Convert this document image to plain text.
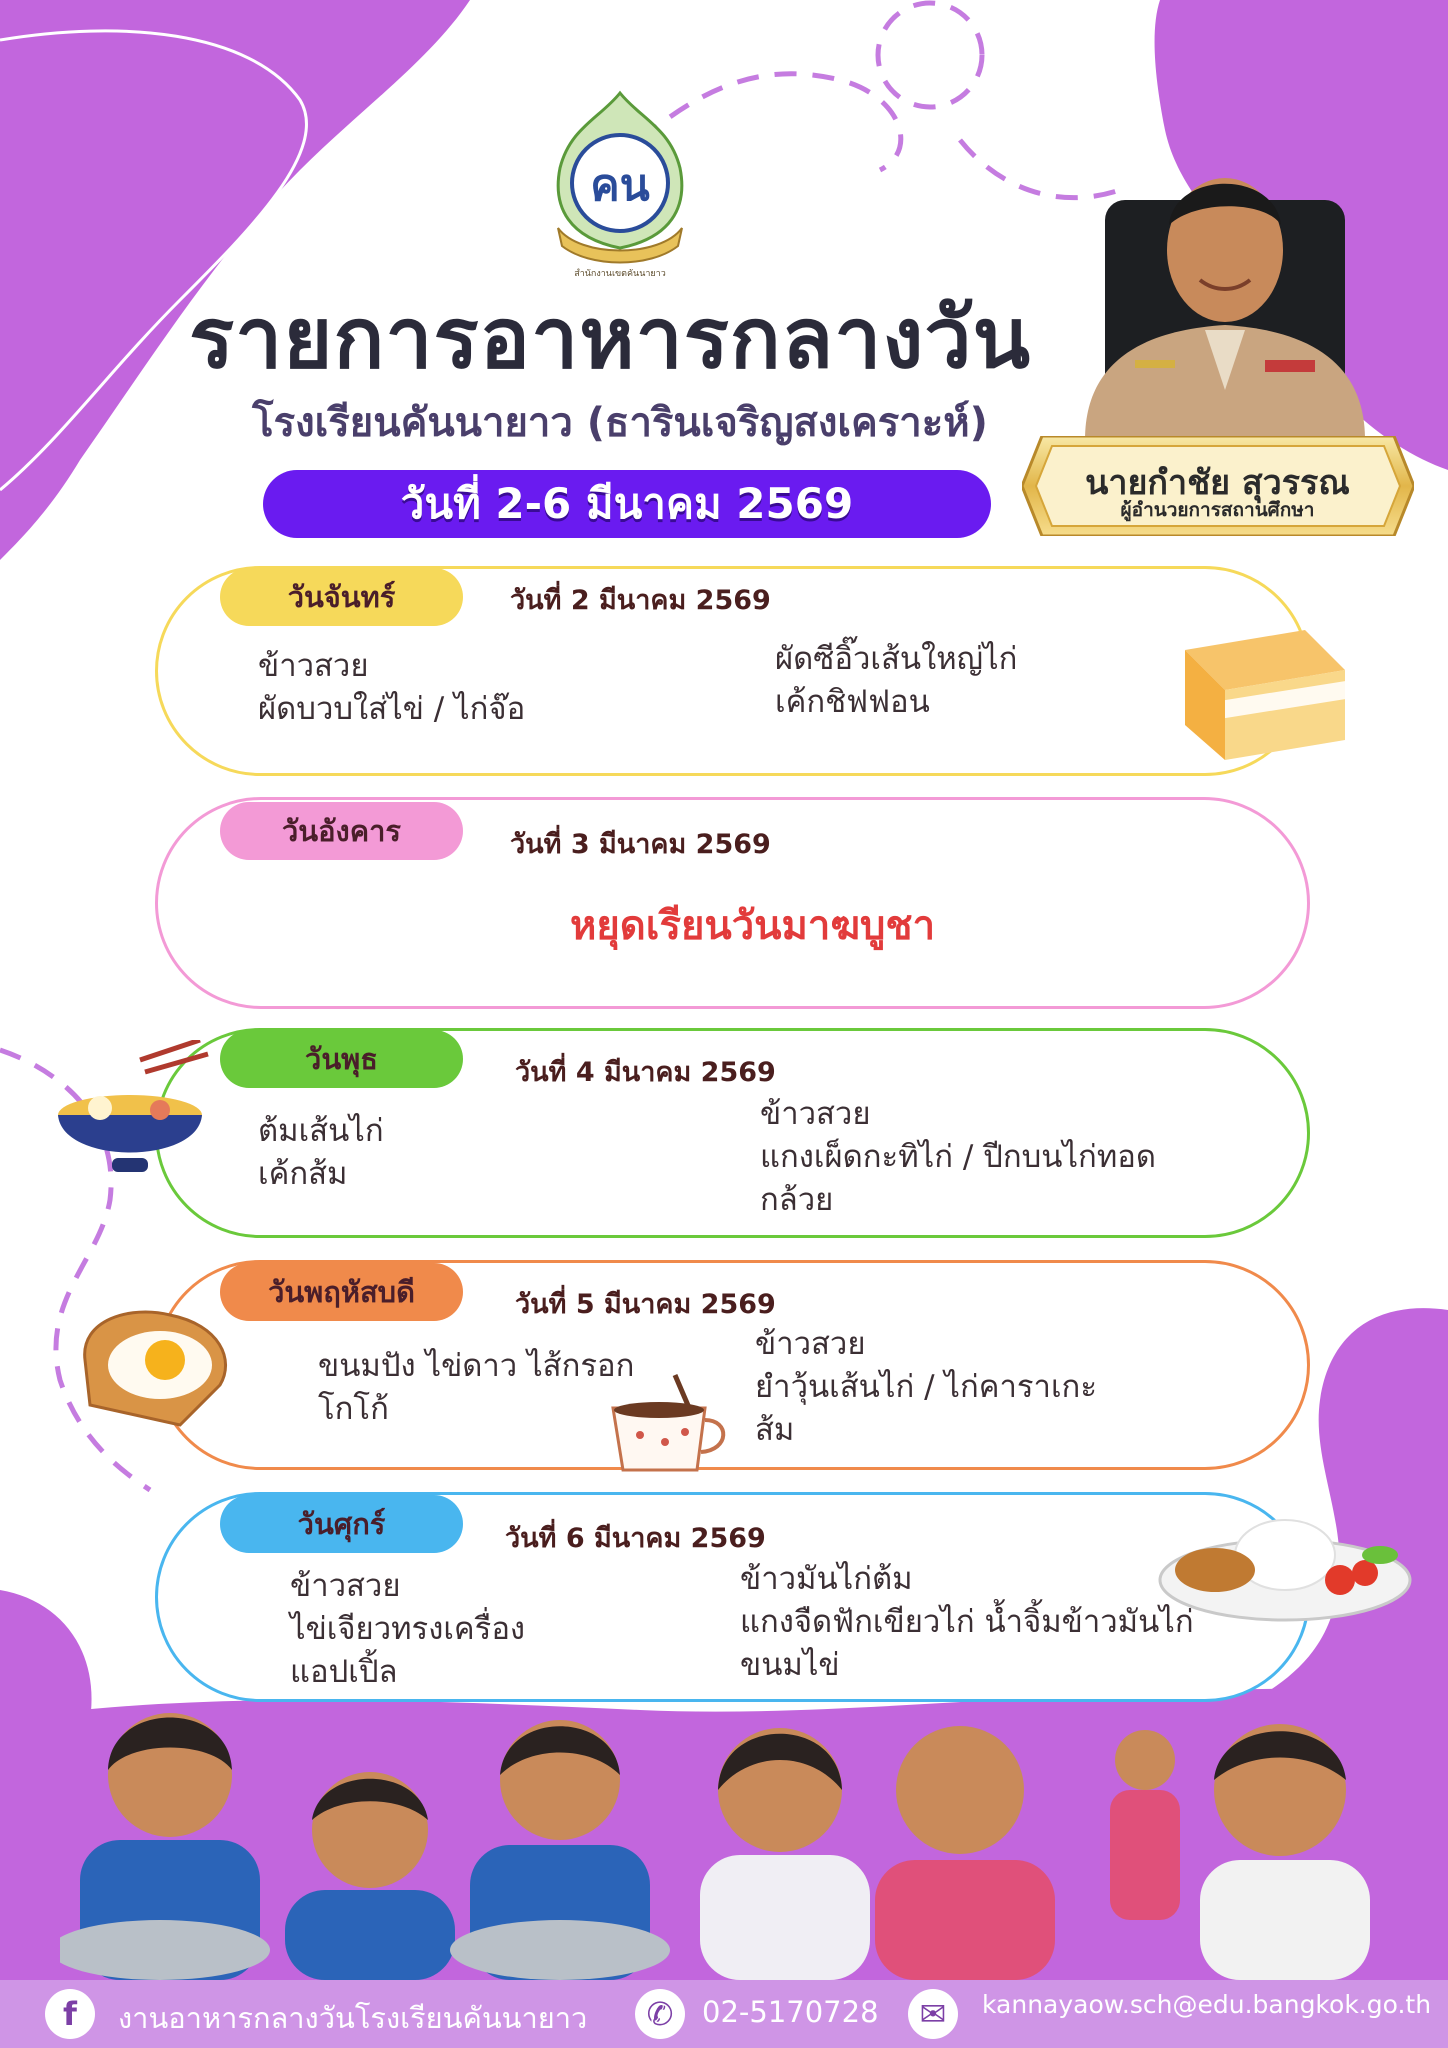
คน
สำนักงานเขตคันนายาว
นายกำชัย สุวรรณ
ผู้อำนวยการสถานศึกษา
รายการอาหารกลางวัน
โรงเรียนคันนายาว (ธารินเจริญสงเคราะห์)
วันที่ 2-6 มีนาคม 2569
วันจันทร์	วันที่ 2 มีนาคม 2569
ข้าวสวย
ผัดบวบใส่ไข่ / ไก่จ๊อ
ผัดซีอิ๊วเส้นใหญ่ไก่
เค้กชิฟฟอน
วันอังคาร	วันที่ 3 มีนาคม 2569
หยุดเรียนวันมาฆบูชา
วันพุธ	วันที่ 4 มีนาคม 2569
ต้มเส้นไก่
เค้กส้ม
ข้าวสวย
แกงเผ็ดกะทิไก่ / ปีกบนไก่ทอด
กล้วย
วันพฤหัสบดี	วันที่ 5 มีนาคม 2569
ขนมปัง ไข่ดาว ไส้กรอก
โกโก้
ข้าวสวย
ยำวุ้นเส้นไก่ / ไก่คาราเกะ
ส้ม
วันศุกร์	วันที่ 6 มีนาคม 2569
ข้าวสวย
ไข่เจียวทรงเครื่อง
แอปเปิ้ล
ข้าวมันไก่ต้ม
แกงจืดฟักเขียวไก่ น้ำจิ้มข้าวมันไก่
ขนมไข่
f	งานอาหารกลางวันโรงเรียนคันนายาว	✆ 02-5170728	✉	kannayaow.sch@edu.bangkok.go.th
